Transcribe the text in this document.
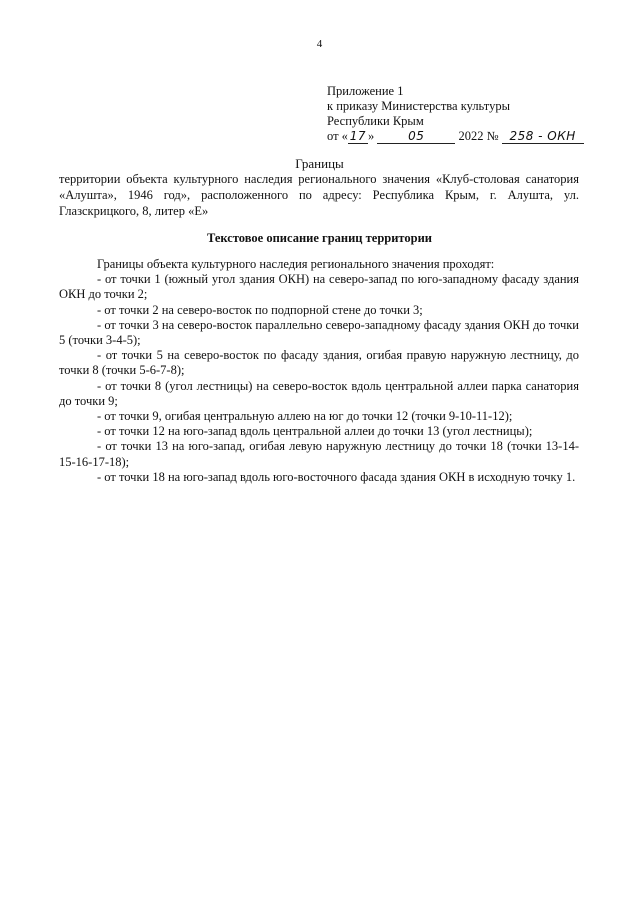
4
Приложение 1
к приказу Министерства культуры
Республики Крым
от « 17 »	05	2022 № 258 - ОКН
Границы
территории объекта культурного наследия регионального значения «Клуб-столовая санатория «Алушта», 1946 год», расположенного по адресу: Республика Крым, г. Алушта, ул. Глазскрицкого, 8, литер «Е»
Текстовое описание границ территории

Границы объекта культурного наследия регионального значения проходят:

- от точки 1 (южный угол здания ОКН) на северо-запад по юго-западному фасаду здания ОКН до точки 2;

- от точки 2 на северо-восток по подпорной стене до точки 3;

- от точки 3 на северо-восток параллельно северо-западному фасаду здания ОКН до точки 5 (точки 3-4-5);

- от точки 5 на северо-восток по фасаду здания, огибая правую наружную лестницу, до точки 8 (точки 5-6-7-8);

- от точки 8 (угол лестницы) на северо-восток вдоль центральной аллеи парка санатория до точки 9;

- от точки 9, огибая центральную аллею на юг до точки 12 (точки 9-10-11-12);

- от точки 12 на юго-запад вдоль центральной аллеи до точки 13 (угол лестницы);

- от точки 13 на юго-запад, огибая левую наружную лестницу до точки 18 (точки 13-14-15-16-17-18);

- от точки 18 на юго-запад вдоль юго-восточного фасада здания ОКН в исходную точку 1.
